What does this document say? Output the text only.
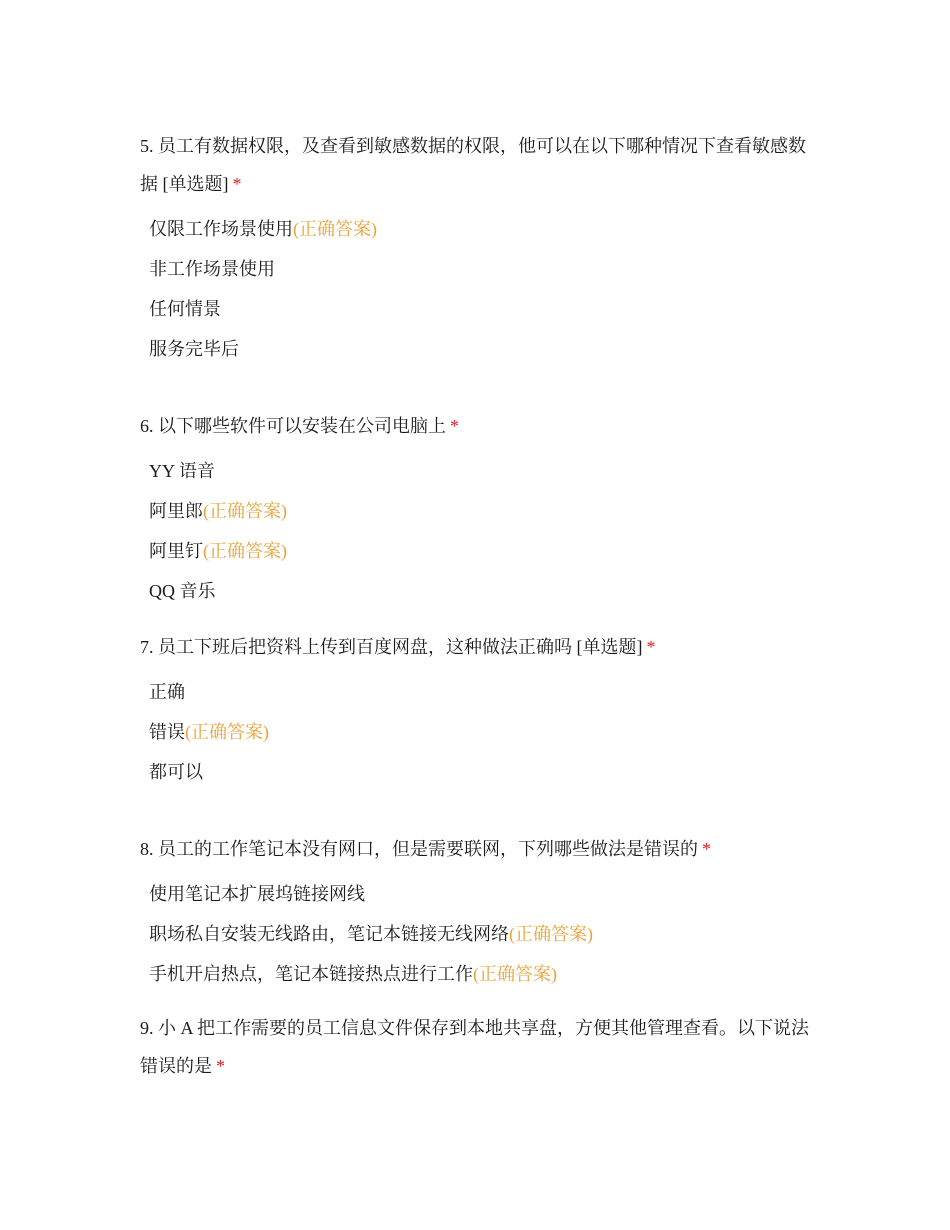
5. 员工有数据权限，及查看到敏感数据的权限，他可以在以下哪种情况下查看敏感数据 [单选题] *

仅限工作场景使用(正确答案)
非工作场景使用
任何情景
服务完毕后

6. 以下哪些软件可以安装在公司电脑上 *

YY 语音
阿里郎(正确答案)
阿里钉(正确答案)
QQ 音乐

7. 员工下班后把资料上传到百度网盘，这种做法正确吗 [单选题] *

正确
错误(正确答案)
都可以

8. 员工的工作笔记本没有网口，但是需要联网，下列哪些做法是错误的 *

使用笔记本扩展坞链接网线
职场私自安装无线路由，笔记本链接无线网络(正确答案)
手机开启热点，笔记本链接热点进行工作(正确答案)

9. 小 A 把工作需要的员工信息文件保存到本地共享盘，方便其他管理查看。以下说法错误的是 *
